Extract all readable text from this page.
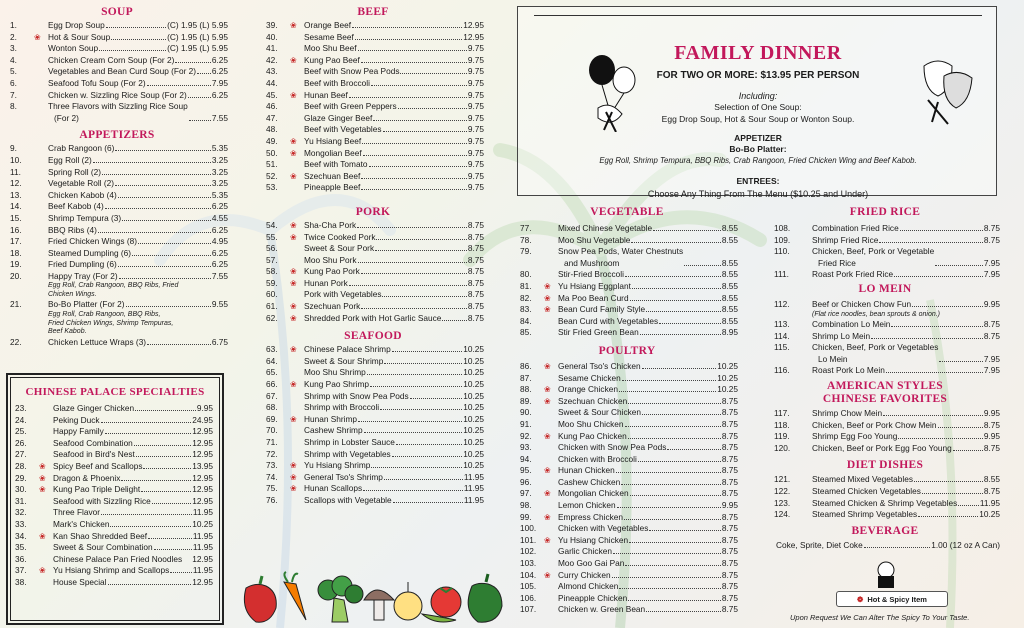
SOUP
1.	Egg Drop Soup	(C) 1.95 (L) 5.95
2.	❀ Hot & Sour Soup	(C) 1.95 (L) 5.95
3.	Wonton Soup	(C) 1.95 (L) 5.95
4.	Chicken Cream Corn Soup (For 2)	6.25
5.	Vegetables and Bean Curd Soup (For 2) 6.25
6.	Seafood Tofu Soup (For 2)	7.95
7.	Chicken w. Sizzling Rice Soup (For 2)	6.25
8.	Three Flavors with Sizzling Rice Soup
(For 2)	7.55
APPETIZERS
9.	Crab Rangoon (6)	5.35
10.	Egg Roll (2)	3.25
11.	Spring Roll (2)	3.25
12.	Vegetable Roll (2)	3.25
13.	Chicken Kabob (4)	5.35
14.	Beef Kabob (4)	6.25
15.	Shrimp Tempura (3)	4.55
16.	BBQ Ribs (4)	6.25
17.	Fried Chicken Wings (8)	4.95
18.	Steamed Dumpling (6)	6.25
19.	Fried Dumpling (6)	6.25
20.	Happy Tray (For 2)	7.55
Egg Roll, Crab Rangoon, BBQ Ribs, Fried
Chicken Wings.
21.	Bo-Bo Platter (For 2)	9.55
Egg Roll, Crab Rangoon, BBQ Ribs,
Fried Chicken Wings, Shrimp Tempuras,
Beef Kabob.
22.	Chicken Lettuce Wraps (3)	6.75
CHINESE PALACE SPECIALTIES
23.	Glaze Ginger Chicken	9.95
24.	Peking Duck	24.95
25.	Happy Family	12.95
26.	Seafood Combination	12.95
27.	Seafood in Bird's Nest	12.95
28.	❀ Spicy Beef and Scallops	13.95
29.	❀ Dragon & Phoenix	12.95
30.	❀ Kung Pao Triple Delight	12.95
31.	Seafood with Sizzling Rice	12.95
32.	Three Flavor	11.95
33.	Mark's Chicken	10.25
34.	❀ Kan Shao Shredded Beef	11.95
35.	Sweet & Sour Combination	11.95
36.	Chinese Palace Pan Fried Noodles 12.95
37.	❀ Yu Hsiang Shrimp and Scallops	11.95
38.	House Special	12.95
BEEF
39.	❀ Orange Beef	12.95
40.	Sesame Beef	12.95
41.	Moo Shu Beef	9.75
42.	❀ Kung Pao Beef	9.75
43.	Beef with Snow Pea Pods	9.75
44.	Beef with Broccoli	9.75
45.	❀ Hunan Beef	9.75
46.	Beef with Green Peppers	9.75
47.	Glaze Ginger Beef	9.75
48.	Beef with Vegetables	9.75
49.	❀ Yu Hsiang Beef	9.75
50.	❀ Mongolian Beef	9.75
51.	Beef with Tomato	9.75
52.	❀ Szechuan Beef	9.75
53.	Pineapple Beef	9.75
PORK
54.	❀ Sha-Cha Pork	8.75
55.	❀ Twice Cooked Pork	8.75
56.	Sweet & Sour Pork	8.75
57.	Moo Shu Pork	8.75
58.	❀ Kung Pao Pork	8.75
59.	❀ Hunan Pork	8.75
60.	Pork with Vegetables	8.75
61.	❀ Szechuan Pork	8.75
62.	❀ Shredded Pork with Hot Garlic Sauce	8.75
SEAFOOD
63.	❀ Chinese Palace Shrimp	10.25
64.	Sweet & Sour Shrimp	10.25
65.	Moo Shu Shrimp	10.25
66.	❀ Kung Pao Shrimp	10.25
67.	Shrimp with Snow Pea Pods	10.25
68.	Shrimp with Broccoli	10.25
69.	❀ Hunan Shrimp	10.25
70.	Cashew Shrimp	10.25
71.	Shrimp in Lobster Sauce	10.25
72.	Shrimp with Vegetables	10.25
73.	❀ Yu Hsiang Shrimp	10.25
74.	❀ General Tso's Shrimp	11.95
75.	❀ Hunan Scallops	11.95
76.	Scallops with Vegetable	11.95
FAMILY DINNER
FOR TWO OR MORE: $13.95 PER PERSON
Including:
Selection of One Soup:
Egg Drop Soup, Hot & Sour Soup or Wonton Soup.
APPETIZER
Bo-Bo Platter:
Egg Roll, Shrimp Tempura, BBQ Ribs, Crab Rangoon, Fried Chicken Wing and Beef Kabob.
ENTREES:
Choose Any Thing From The Menu ($10.25 and Under)
VEGETABLE
77.	Mixed Chinese Vegetable	8.55
78.	Moo Shu Vegetable	8.55
79.	Snow Pea Pods, Water Chestnuts
and Mushroom	8.55
80.	Stir-Fried Broccoli	8.55
81.	❀ Yu Hsiang Eggplant	8.55
82.	❀ Ma Poo Bean Curd	8.55
83.	❀ Bean Curd Family Style	8.55
84.	Bean Curd with Vegetables	8.55
85.	Stir Fried Green Bean	8.95
POULTRY
86.	❀ General Tso's Chicken	10.25
87.	Sesame Chicken	10.25
88.	❀ Orange Chicken	10.25
89.	❀ Szechuan Chicken	8.75
90.	Sweet & Sour Chicken	8.75
91.	Moo Shu Chicken	8.75
92.	❀ Kung Pao Chicken	8.75
93.	Chicken with Snow Pea Pods	8.75
94.	Chicken with Broccoli	8.75
95.	❀ Hunan Chicken	8.75
96.	Cashew Chicken	8.75
97.	❀ Mongolian Chicken	8.75
98.	Lemon Chicken	9.95
99.	❀ Empress Chicken	8.75
100.	Chicken with Vegetables	8.75
101. ❀ Yu Hsiang Chicken	8.75
102.	Garlic Chicken	8.75
103.	Moo Goo Gai Pan	8.75
104. ❀ Curry Chicken	8.75
105.	Almond Chicken	8.75
106.	Pineapple Chicken	8.75
107.	Chicken w. Green Bean	8.75
FRIED RICE
108.	Combination Fried Rice	8.75
109.	Shrimp Fried Rice	8.75
110.	Chicken, Beef, Pork or Vegetable
Fried Rice	7.95
111.	Roast Pork Fried Rice	7.95
LO MEIN
112.	Beef or Chicken Chow Fun	9.95
(Flat rice noodles, bean sprouts & onion.)
113.	Combination Lo Mein	8.75
114.	Shrimp Lo Mein	8.75
115.	Chicken, Beef, Pork or Vegetables
Lo Mein	7.95
116.	Roast Pork Lo Mein	7.95
AMERICAN STYLES
CHINESE FAVORITES
117.	Shrimp Chow Mein	9.95
118.	Chicken, Beef or Pork Chow Mein	8.75
119.	Shrimp Egg Foo Young	9.95
120.	Chicken, Beef or Pork Egg Foo Young	8.75
DIET DISHES
121.	Steamed Mixed Vegetables	8.55
122.	Steamed Chicken Vegetables	8.75
123.	Steamed Chicken & Shrimp Vegetables	11.95
124.	Steamed Shrimp Vegetables	10.25
BEVERAGE
Coke, Sprite, Diet Coke	1.00 (12 oz A Can)
❁ Hot & Spicy Item
Upon Request We Can Alter The Spicy To Your Taste.
